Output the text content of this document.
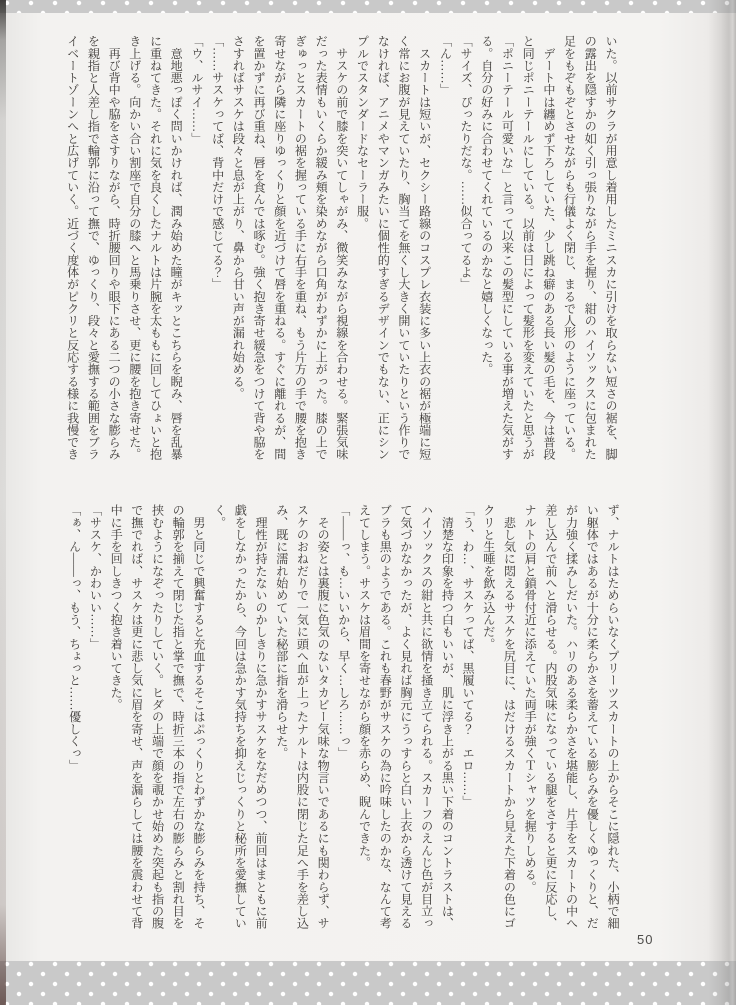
いた。以前サクラが用意し着用したミニスカに引けを取らない短さの裾を、脚
の露出を隠すかの如く引っ張りながら手を握り、紺のハイソックスに包まれた
足をもぞもぞとさせながらも行儀よく閉じ、まるで人形のように座っている。
　デート中は纏めず下ろしていた、少し跳ね癖のある長い髪の毛を、今は普段
と同じポニーテールにしている。以前は日によって髪形を変えていたと思うが
「ポニーテール可愛いな」と言って以来この髪型にしている事が増えた気がす
る。自分の好みに合わせてくれているのかなと嬉しくなった。
「サイズ、ぴったりだな。……似合ってるよ」
「ん……」
　スカートは短いが、セクシー路線のコスプレ衣装に多い上衣の裾が極端に短
く常にお腹が見えていたり、胸当てを無くし大きく開いていたりという作りで
なければ、アニメやマンガみたいに個性的すぎるデザインでもない、正にシン
プルでスタンダードなセーラー服。
　サスケの前で膝を突いてしゃがみ、微笑みながら視線を合わせる。緊張気味
だった表情もいくらか緩み頬を染めながら口角がわずかに上がった。膝の上で
ぎゅっとスカートの裾を握っている手に右手を重ね、もう片方の手で腰を抱き
寄せながら隣に座りゆっくりと顔を近づけて唇を重ねる。すぐに離れるが、間
を置かずに再び重ね、唇を食んでは啄む。強く抱き寄せ緩急をつけて背や脇を
さすればサスケは段々と息が上がり、鼻から甘い声が漏れ始める。
「……サスケってば、背中だけで感じてる？」
「ウ、ルサイ……」
　意地悪っぽく問いかければ、潤み始めた瞳がキッとこちらを睨み、唇を乱暴
に重ねてきた。それに気を良くしたナルトは片腕を太ももに回してひょいと抱
き上げる。向かい合い割座で自分の膝へと馬乗りさせ、更に腰を抱き寄せた。
　再び背中や脇をさすりながら、時折腰回りや眼下にある二つの小さな膨らみ
を親指と人差し指で輪郭に沿って撫で、ゆっくり、段々と愛撫する範囲をブラ
イベートゾーンへと広げていく。近づく度体がピクリと反応する様に我慢でき
ず、ナルトはためらいなくプリーツスカートの上からそこに隠れた、小柄で細
い躯体ではあるが十分に柔らかさを蓄えている膨らみを優しくゆっくりと、だ
が力強く揉みしだいた。ハリのある柔らかさを堪能し、片手をスカートの中へ
差し込んで前へと滑らせる。内股気味になっている腿をさすると更に反応し、
ナルトの肩と鎖骨付近に添えていた両手が強くＴシャツを握りしめる。
　悲し気に悶えるサスケを尻目に、はだけるスカートから見えた下着の色にゴ
クリと生唾を飲み込んだ。
「う、わ…、サスケってば、黒履いてる？　エロ……」
　清楚な印象を持つ白もいいが、肌に浮き上がる黒い下着のコントラストは、
ハイソックスの紺と共に欲情を掻き立てられる。スカーフのえんじ色が目立っ
て気づかなかったが、よく見れば胸元にうっすらと白い上衣から透けて見える
ブラも黒のようである。これも春野がサスケの為に吟味したのかな、なんて考
えてしまう。サスケは眉間を寄せながら顔を赤らめ、睨んできた。
「――っ、も…いいから、早く…しろ……っ」
　その姿とは裏腹に色気のないタカビー気味な物言いであるにも関わらず、サ
スケのおねだりで一気に頭へ血が上ったナルトは内股に閉じた足へ手を差し込
み、既に濡れ始めていた秘部に指を滑らせた。
　理性が持たないのかしきりに急かすサスケをなだめつつ、前回はまともに前
戯をしなかったから、今回は急かす気持ちを抑えじっくりと秘所を愛撫してい
く。
　男と同じで興奮すると充血するそこはぷっくりとわずかな膨らみを持ち、そ
の輪郭を揃えて閉じた指と掌で撫で、時折三本の指で左右の膨らみと割れ目を
挟むようになぞったりしていく。ヒダの上端で顔を覗かせ始めた突起も指の腹
で撫でれば、サスケは更に悲し気に眉を寄せ、声を漏らしては腰を震わせて背
中に手を回しきつく抱き着いてきた。
「サスケ、かわいい……」
「ぁ、ん――っ、もう、ちょっと……優しくっ」
50
